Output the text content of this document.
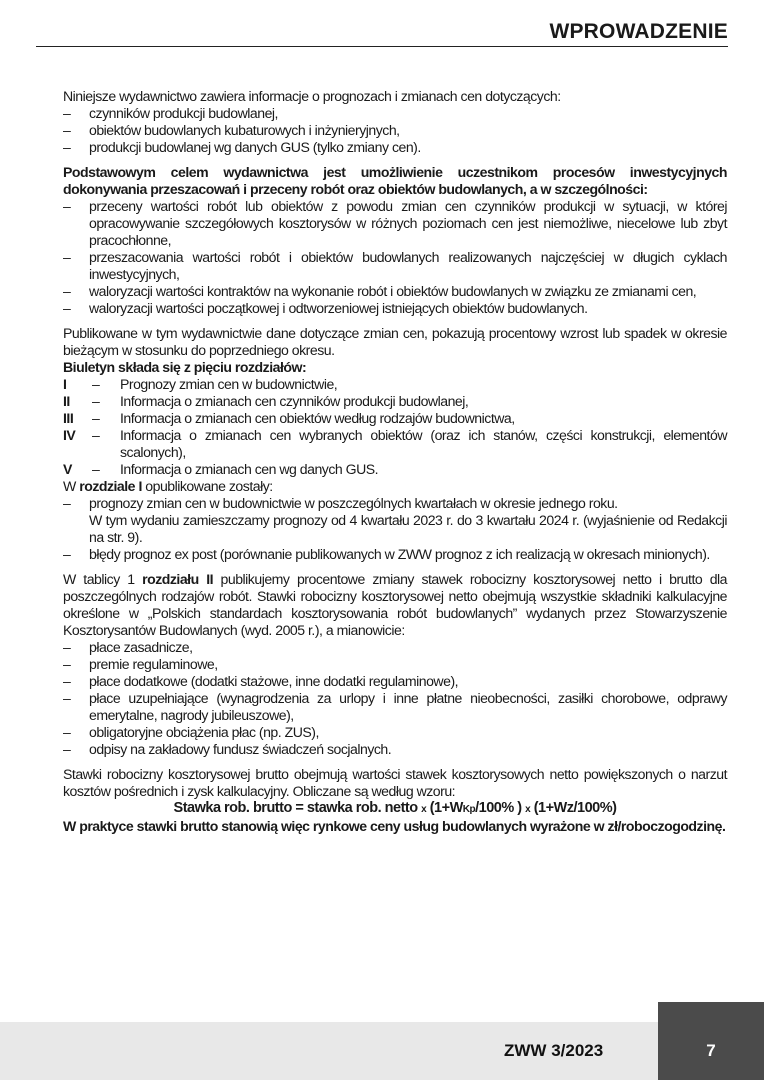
WPROWADZENIE

Niniejsze wydawnictwo zawiera informacje o prognozach i zmianach cen dotyczących:

– czynników produkcji budowlanej,
– obiektów budowlanych kubaturowych i inżynieryjnych,
– produkcji budowlanej wg danych GUS (tylko zmiany cen).

Podstawowym celem wydawnictwa jest umożliwienie uczestnikom procesów inwestycyjnych dokonywania przeszacowań i przeceny robót oraz obiektów budowlanych, a w szczególności:

– przeceny wartości robót lub obiektów z powodu zmian cen czynników produkcji w sytuacji, w której opracowywanie szczegółowych kosztorysów w różnych poziomach cen jest niemożliwe, niecelowe lub zbyt pracochłonne,
– przeszacowania wartości robót i obiektów budowlanych realizowanych najczęściej w długich cyklach inwestycyjnych,
– waloryzacji wartości kontraktów na wykonanie robót i obiektów budowlanych w związku ze zmianami cen,
– waloryzacji wartości początkowej i odtworzeniowej istniejących obiektów budowlanych.

Publikowane w tym wydawnictwie dane dotyczące zmian cen, pokazują procentowy wzrost lub spadek w okresie bieżącym w stosunku do poprzedniego okresu.

Biuletyn składa się z pięciu rozdziałów:

I – Prognozy zmian cen w budownictwie,
II – Informacja o zmianach cen czynników produkcji budowlanej,
III – Informacja o zmianach cen obiektów według rodzajów budownictwa,
IV – Informacja o zmianach cen wybranych obiektów (oraz ich stanów, części konstrukcji, elementów scalonych),
V – Informacja o zmianach cen wg danych GUS.

W rozdziale I opublikowane zostały:

– prognozy zmian cen w budownictwie w poszczególnych kwartałach w okresie jednego roku.
W tym wydaniu zamieszczamy prognozy od 4 kwartału 2023 r. do 3 kwartału 2024 r. (wyjaśnienie od Redakcji na str. 9).
– błędy prognoz ex post (porównanie publikowanych w ZWW prognoz z ich realizacją w okresach minionych).

W tablicy 1 rozdziału II publikujemy procentowe zmiany stawek robocizny kosztorysowej netto i brutto dla poszczególnych rodzajów robót. Stawki robocizny kosztorysowej netto obejmują wszystkie składniki kalkulacyjne określone w „Polskich standardach kosztorysowania robót budowlanych” wydanych przez Stowarzyszenie Kosztorysantów Budowlanych (wyd. 2005 r.), a mianowicie:

– płace zasadnicze,
– premie regulaminowe,
– płace dodatkowe (dodatki stażowe, inne dodatki regulaminowe),
– płace uzupełniające (wynagrodzenia za urlopy i inne płatne nieobecności, zasiłki chorobowe, odprawy emerytalne, nagrody jubileuszowe),
– obligatoryjne obciążenia płac (np. ZUS),
– odpisy na zakładowy fundusz świadczeń socjalnych.

Stawki robocizny kosztorysowej brutto obejmują wartości stawek kosztorysowych netto powiększonych o narzut kosztów pośrednich i zysk kalkulacyjny. Obliczane są według wzoru:

Stawka rob. brutto = stawka rob. netto x (1+WKp/100% ) x (1+Wz/100%)

W praktyce stawki brutto stanowią więc rynkowe ceny usług budowlanych wyrażone w zł/roboczogodzinę.

ZWW 3/2023	7
